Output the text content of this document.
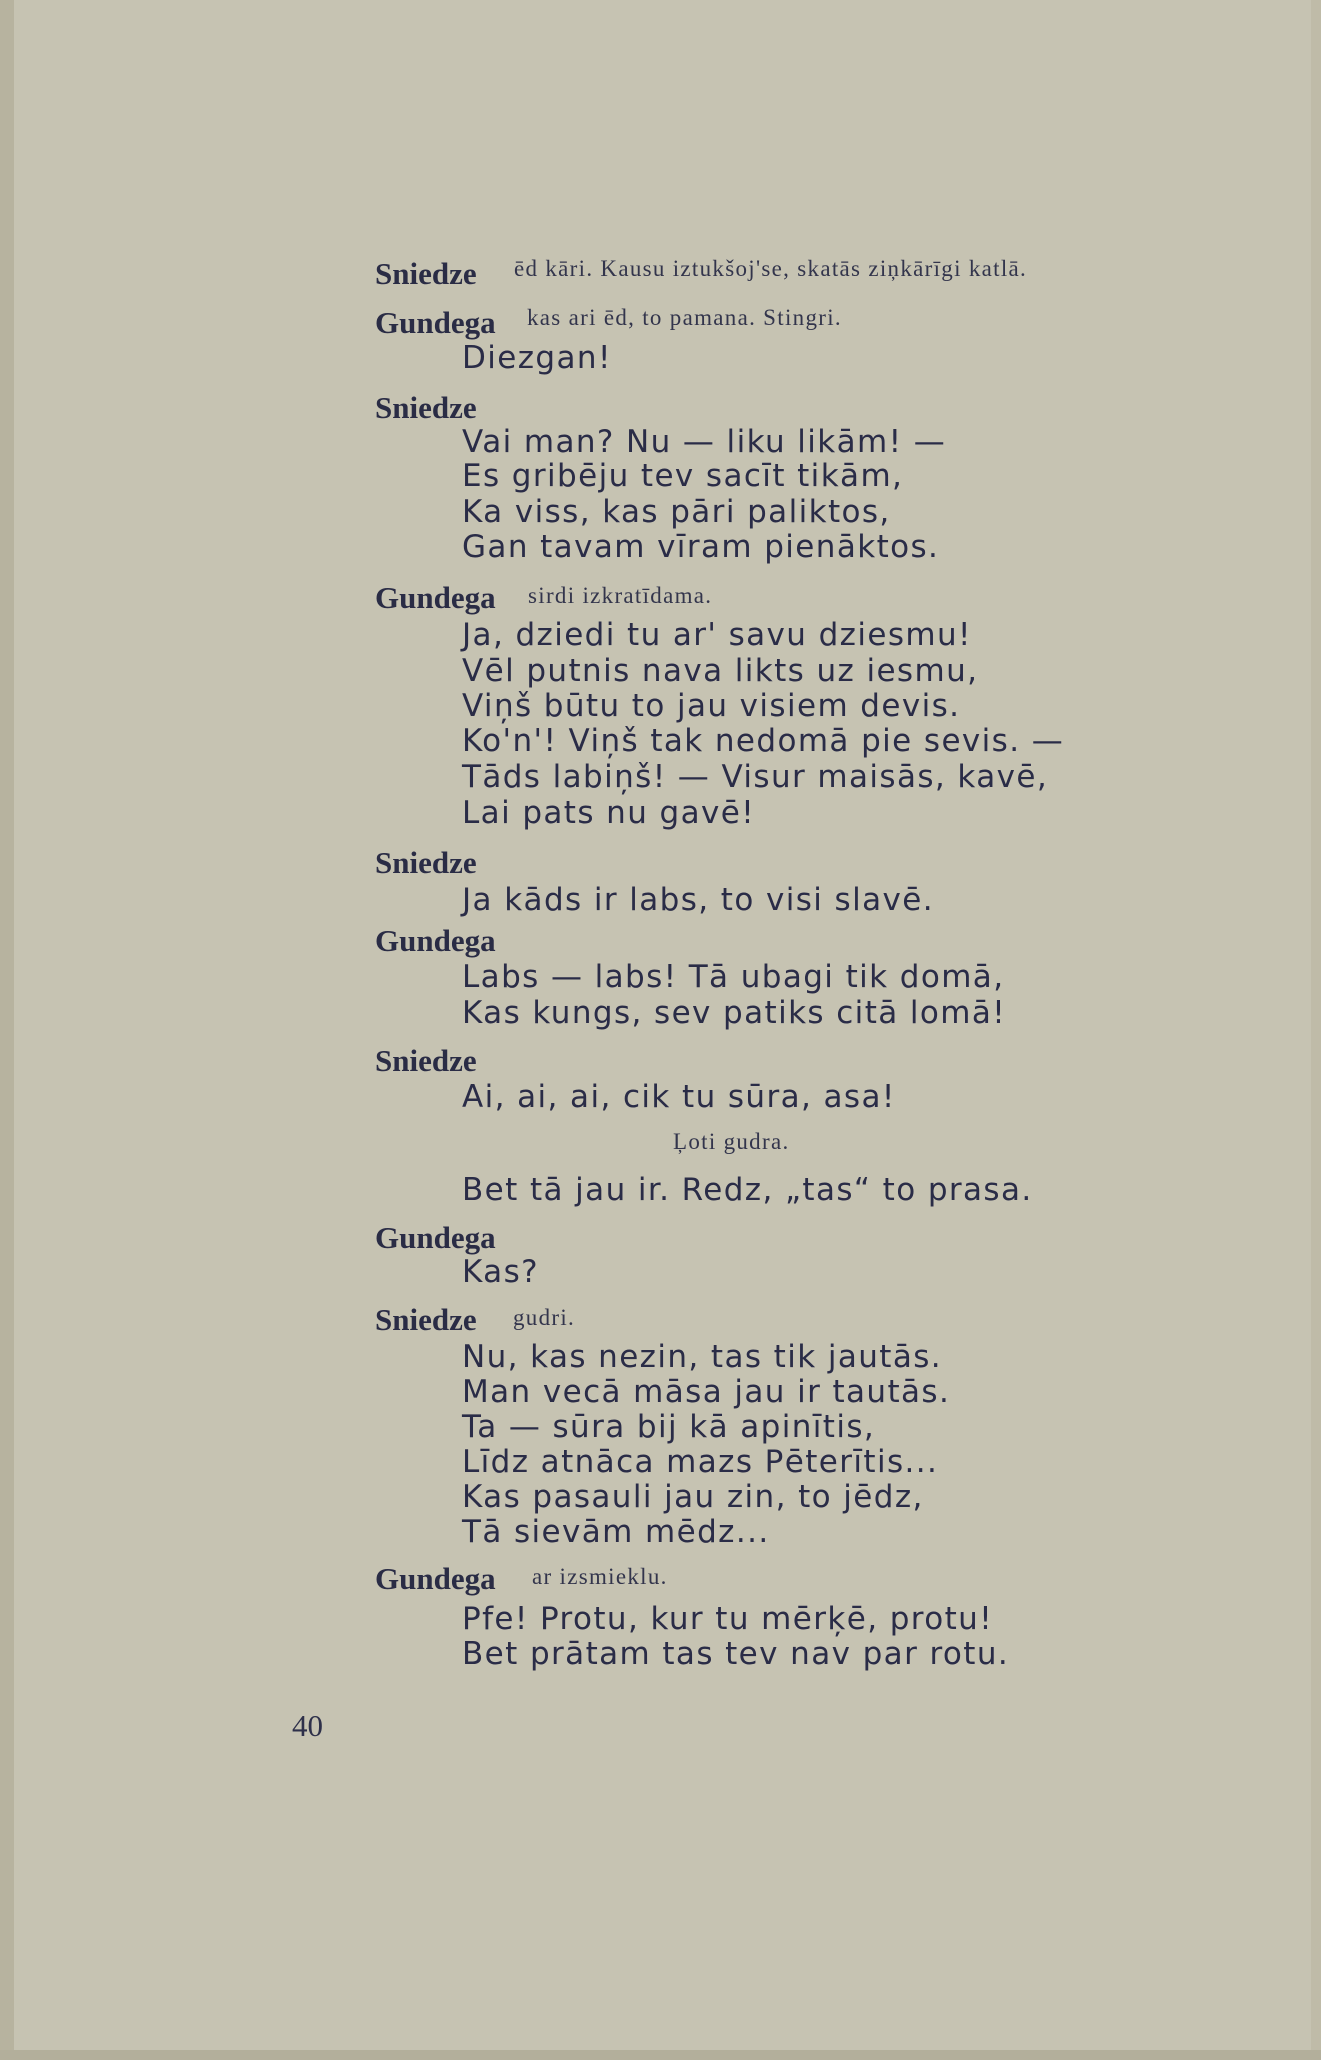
Sniedze ēd kāri. Kausu iztukšoj'se, skatās ziņkārīgi katlā.
Gundega kas ari ēd, to pamana. Stingri.
Diezgan!
Sniedze
Vai man? Nu — liku likām! —
Es gribēju tev sacīt tikām,
Ka viss, kas pāri paliktos,
Gan tavam vīram pienāktos.
Gundega sirdi izkratīdama.
Ja, dziedi tu ar' savu dziesmu!
Vēl putnis nava likts uz iesmu,
Viņš būtu to jau visiem devis.
Ko'n'! Viņš tak nedomā pie sevis. —
Tāds labiņš! — Visur maisās, kavē,
Lai pats nu gavē!
Sniedze
Ja kāds ir labs, to visi slavē.
Gundega
Labs — labs! Tā ubagi tik domā,
Kas kungs, sev patiks citā lomā!
Sniedze
Ai, ai, ai, cik tu sūra, asa!
Ļoti gudra.
Bet tā jau ir. Redz, „tas“ to prasa.
Gundega
Kas?
Sniedze gudri.
Nu, kas nezin, tas tik jautās.
Man vecā māsa jau ir tautās.
Ta — sūra bij kā apinītis,
Līdz atnāca mazs Pēterītis...
Kas pasauli jau zin, to jēdz,
Tā sievām mēdz...
Gundega ar izsmieklu.
Pfe! Protu, kur tu mērķē, protu!
Bet prātam tas tev nav par rotu.
40
